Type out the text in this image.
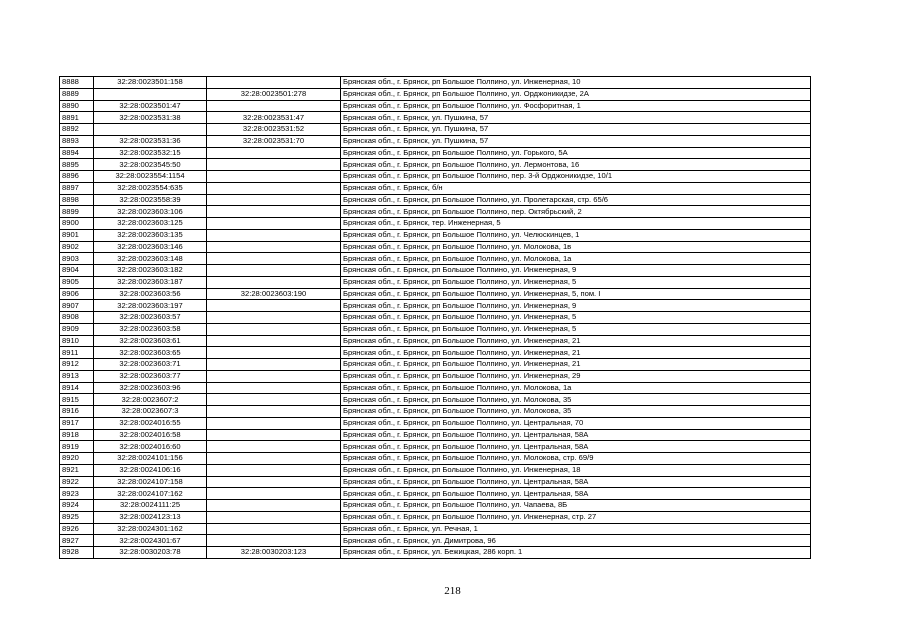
8888	32:28:0023501:158		Брянская обл., г. Брянск, рп Большое Полпино, ул. Инженерная, 10
8889		32:28:0023501:278	Брянская обл., г. Брянск, рп Большое Полпино, ул. Орджоникидзе, 2А
8890	32:28:0023501:47		Брянская обл., г. Брянск, рп Большое Полпино, ул. Фосфоритная, 1
8891	32:28:0023531:38	32:28:0023531:47	Брянская обл., г. Брянск, ул. Пушкина, 57
8892		32:28:0023531:52	Брянская обл., г. Брянск, ул. Пушкина, 57
8893	32:28:0023531:36	32:28:0023531:70	Брянская обл., г. Брянск, ул. Пушкина, 57
8894	32:28:0023532:15		Брянская обл., г. Брянск, рп Большое Полпино, ул. Горького, 5А
8895	32:28:0023545:50		Брянская обл., г. Брянск, рп Большое Полпино, ул. Лермонтова, 16
8896	32:28:0023554:1154		Брянская обл., г. Брянск, рп Большое Полпино, пер. 3-й Орджоникидзе, 10/1
8897	32:28:0023554:635		Брянская обл., г. Брянск, б/н
8898	32:28:0023558:39		Брянская обл., г. Брянск, рп Большое Полпино, ул. Пролетарская, стр. 65/6
8899	32:28:0023603:106		Брянская обл., г. Брянск, рп Большое Полпино, пер. Октябрьский, 2
8900	32:28:0023603:125		Брянская обл., г. Брянск, тер. Инженерная, 5
8901	32:28:0023603:135		Брянская обл., г. Брянск, рп Большое Полпино, ул. Челюскинцев, 1
8902	32:28:0023603:146		Брянская обл., г. Брянск, рп Большое Полпино, ул. Молокова, 1в
8903	32:28:0023603:148		Брянская обл., г. Брянск, рп Большое Полпино, ул. Молокова, 1а
8904	32:28:0023603:182		Брянская обл., г. Брянск, рп Большое Полпино, ул. Инженерная, 9
8905	32:28:0023603:187		Брянская обл., г. Брянск, рп Большое Полпино, ул. Инженерная, 5
8906	32:28:0023603:56	32:28:0023603:190	Брянская обл., г. Брянск, рп Большое Полпино, ул. Инженерная, 5, пом. I
8907	32:28:0023603:197		Брянская обл., г. Брянск, рп Большое Полпино, ул. Инженерная, 9
8908	32:28:0023603:57		Брянская обл., г. Брянск, рп Большое Полпино, ул. Инженерная, 5
8909	32:28:0023603:58		Брянская обл., г. Брянск, рп Большое Полпино, ул. Инженерная, 5
8910	32:28:0023603:61		Брянская обл., г. Брянск, рп Большое Полпино, ул. Инженерная, 21
8911	32:28:0023603:65		Брянская обл., г. Брянск, рп Большое Полпино, ул. Инженерная, 21
8912	32:28:0023603:71		Брянская обл., г. Брянск, рп Большое Полпино, ул. Инженерная, 21
8913	32:28:0023603:77		Брянская обл., г. Брянск, рп Большое Полпино, ул. Инженерная, 29
8914	32:28:0023603:96		Брянская обл., г. Брянск, рп Большое Полпино, ул. Молокова, 1а
8915	32:28:0023607:2		Брянская обл., г. Брянск, рп Большое Полпино, ул. Молокова, 35
8916	32:28:0023607:3		Брянская обл., г. Брянск, рп Большое Полпино, ул. Молокова, 35
8917	32:28:0024016:55		Брянская обл., г. Брянск, рп Большое Полпино, ул. Центральная, 70
8918	32:28:0024016:58		Брянская обл., г. Брянск, рп Большое Полпино, ул. Центральная, 58А
8919	32:28:0024016:60		Брянская обл., г. Брянск, рп Большое Полпино, ул. Центральная, 58А
8920	32:28:0024101:156		Брянская обл., г. Брянск, рп Большое Полпино, ул. Молокова, стр. 69/9
8921	32:28:0024106:16		Брянская обл., г. Брянск, рп Большое Полпино, ул. Инженерная, 18
8922	32:28:0024107:158		Брянская обл., г. Брянск, рп Большое Полпино, ул. Центральная, 58А
8923	32:28:0024107:162		Брянская обл., г. Брянск, рп Большое Полпино, ул. Центральная, 58А
8924	32:28:0024111:25		Брянская обл., г. Брянск, рп Большое Полпино, ул. Чапаева, 8Б
8925	32:28:0024123:13		Брянская обл., г. Брянск, рп Большое Полпино, ул. Инженерная, стр. 27
8926	32:28:0024301:162		Брянская обл., г. Брянск, ул. Речная, 1
8927	32:28:0024301:67		Брянская обл., г. Брянск, ул. Димитрова, 96
8928	32:28:0030203:78	32:28:0030203:123	Брянская обл., г. Брянск, ул. Бежицкая, 286 корп. 1
218
